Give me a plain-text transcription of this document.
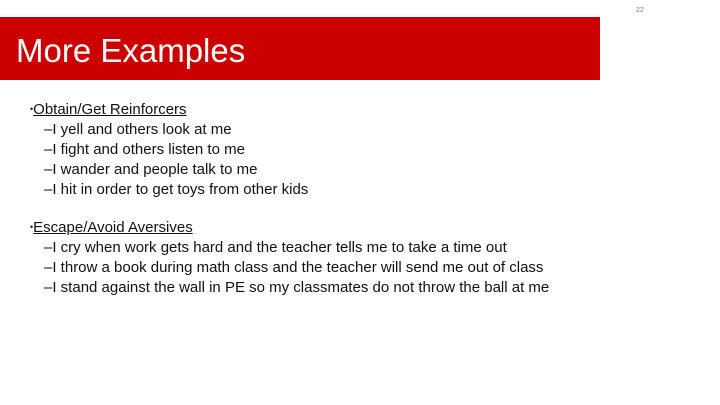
22
More Examples
•Obtain/Get Reinforcers
–I yell and others look at me
–I fight and others listen to me
–I wander and people talk to me
–I hit in order to get toys from other kids
•Escape/Avoid Aversives
–I cry when work gets hard and the teacher tells me to take a time out
–I throw a book during math class and the teacher will send me out of class
–I stand against the wall in PE so my classmates do not throw the ball at me
